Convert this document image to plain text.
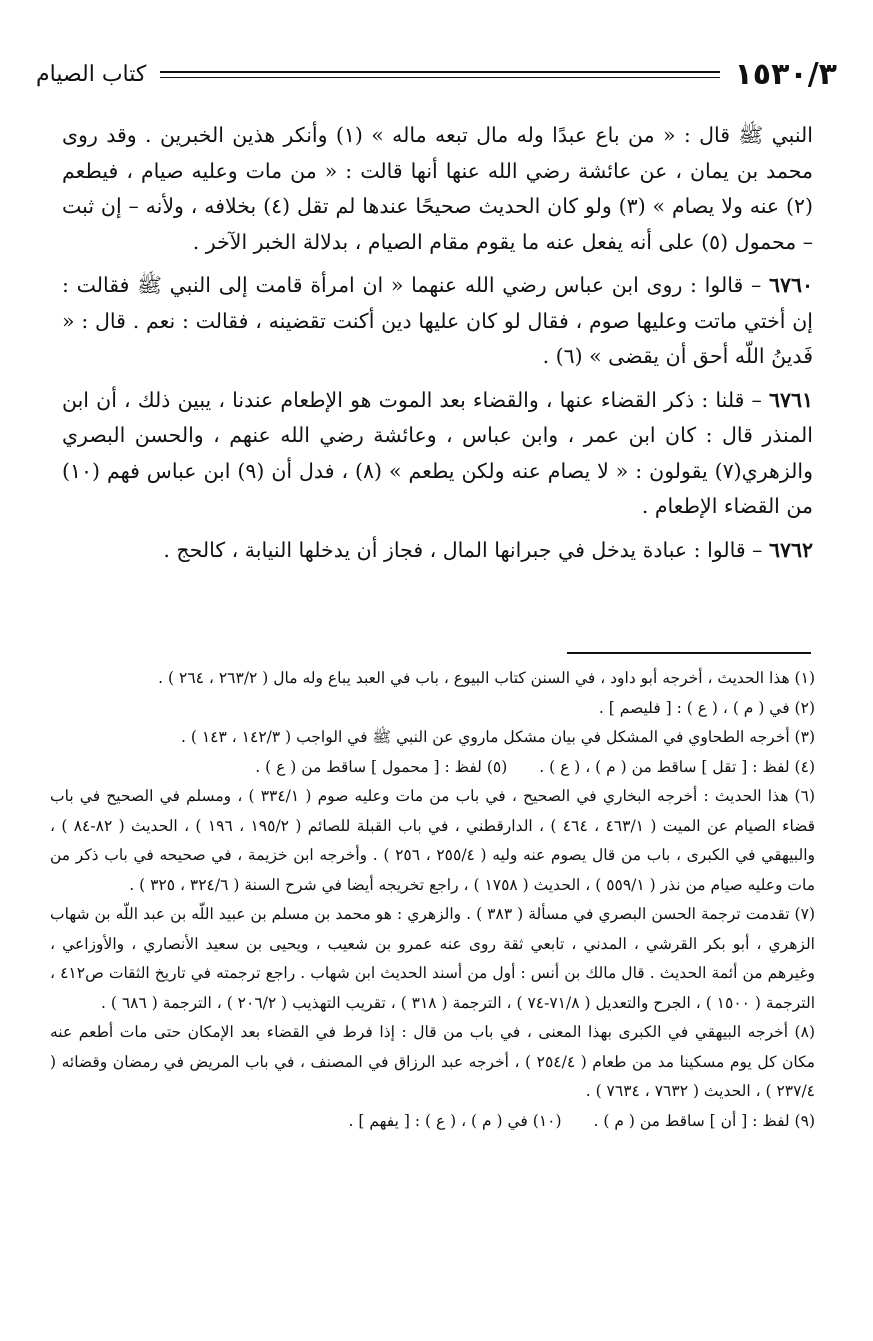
١٥٣٠/٣
كتاب الصيام

النبي ﷺ قال : « من باع عبدًا وله مال تبعه ماله » (١) وأنكر هذين الخبرين . وقد روى محمد بن يمان ، عن عائشة رضي الله عنها أنها قالت : « من مات وعليه صيام ، فيطعم (٢) عنه ولا يصام » (٣) ولو كان الحديث صحيحًا عندها لم تقل (٤) بخلافه ، ولأنه – إن ثبت – محمول (٥) على أنه يفعل عنه ما يقوم مقام الصيام ، بدلالة الخبر الآخر .

٦٧٦٠ – قالوا : روى ابن عباس رضي الله عنهما « ان امرأة قامت إلى النبي ﷺ فقالت : إن أختي ماتت وعليها صوم ، فقال لو كان عليها دين أكنت تقضينه ، فقالت : نعم . قال : « فَدينُ اللّه أحق أن يقضى » (٦) .

٦٧٦١ – قلنا : ذكر القضاء عنها ، والقضاء بعد الموت هو الإطعام عندنا ، يبين ذلك ، أن ابن المنذر قال : كان ابن عمر ، وابن عباس ، وعائشة رضي الله عنهم ، والحسن البصري والزهري(٧) يقولون : « لا يصام عنه ولكن يطعم » (٨) ، فدل أن (٩) ابن عباس فهم (١٠) من القضاء الإطعام .

٦٧٦٢ – قالوا : عبادة يدخل في جبرانها المال ، فجاز أن يدخلها النيابة ، كالحج .

(١) هذا الحديث ، أخرجه أبو داود ، في السنن كتاب البيوع ، باب في العبد يباع وله مال ( ٢٦٣/٢ ، ٢٦٤ ) .

(٢) في ( م ) ، ( ع ) : [ فليصم ] .

(٣) أخرجه الطحاوي في المشكل في بيان مشكل ماروي عن النبي ﷺ في الواجب ( ١٤٢/٣ ، ١٤٣ ) .

(٤) لفظ : [ تقل ] ساقط من ( م ) ، ( ع ) .
(٥) لفظ : [ محمول ] ساقط من ( ع ) .

(٦) هذا الحديث : أخرجه البخاري في الصحيح ، في باب من مات وعليه صوم ( ٣٣٤/١ ) ، ومسلم في الصحيح في باب قضاء الصيام عن الميت ( ٤٦٣/١ ، ٤٦٤ ) ، الدارقطني ، في باب القبلة للصائم ( ١٩٥/٢ ، ١٩٦ ) ، الحديث ( ٨٢-٨٤ ) ، والبيهقي في الكبرى ، باب من قال يصوم عنه وليه ( ٢٥٥/٤ ، ٢٥٦ ) . وأخرجه ابن خزيمة ، في صحيحه في باب ذكر من مات وعليه صيام من نذر ( ٥٥٩/١ ) ، الحديث ( ١٧٥٨ ) ، راجع تخريجه أيضا في شرح السنة ( ٣٢٤/٦ ، ٣٢٥ ) .

(٧) تقدمت ترجمة الحسن البصري في مسألة ( ٣٨٣ ) . والزهري : هو محمد بن مسلم بن عبيد اللّه بن عبد اللّه بن شهاب الزهري ، أبو بكر القرشي ، المدني ، تابعي ثقة روى عنه عمرو بن شعيب ، ويحيى بن سعيد الأنصاري ، والأوزاعي ، وغيرهم من أئمة الحديث . قال مالك بن أنس : أول من أسند الحديث ابن شهاب . راجع ترجمته في تاريخ الثقات ص٤١٢ ، الترجمة ( ١٥٠٠ ) ، الجرح والتعديل ( ٧١/٨-٧٤ ) ، الترجمة ( ٣١٨ ) ، تقريب التهذيب ( ٢٠٦/٢ ) ، الترجمة ( ٦٨٦ ) .

(٨) أخرجه البيهقي في الكبرى بهذا المعنى ، في باب من قال : إذا فرط في القضاء بعد الإمكان حتى مات أطعم عنه مكان كل يوم مسكينا مد من طعام ( ٢٥٤/٤ ) ، أخرجه عبد الرزاق في المصنف ، في باب المريض في رمضان وقضائه ( ٢٣٧/٤ ) ، الحديث ( ٧٦٣٢ ، ٧٦٣٤ ) .

(٩) لفظ : [ أن ] ساقط من ( م ) .
(١٠) في ( م ) ، ( ع ) : [ يفهم ] .
